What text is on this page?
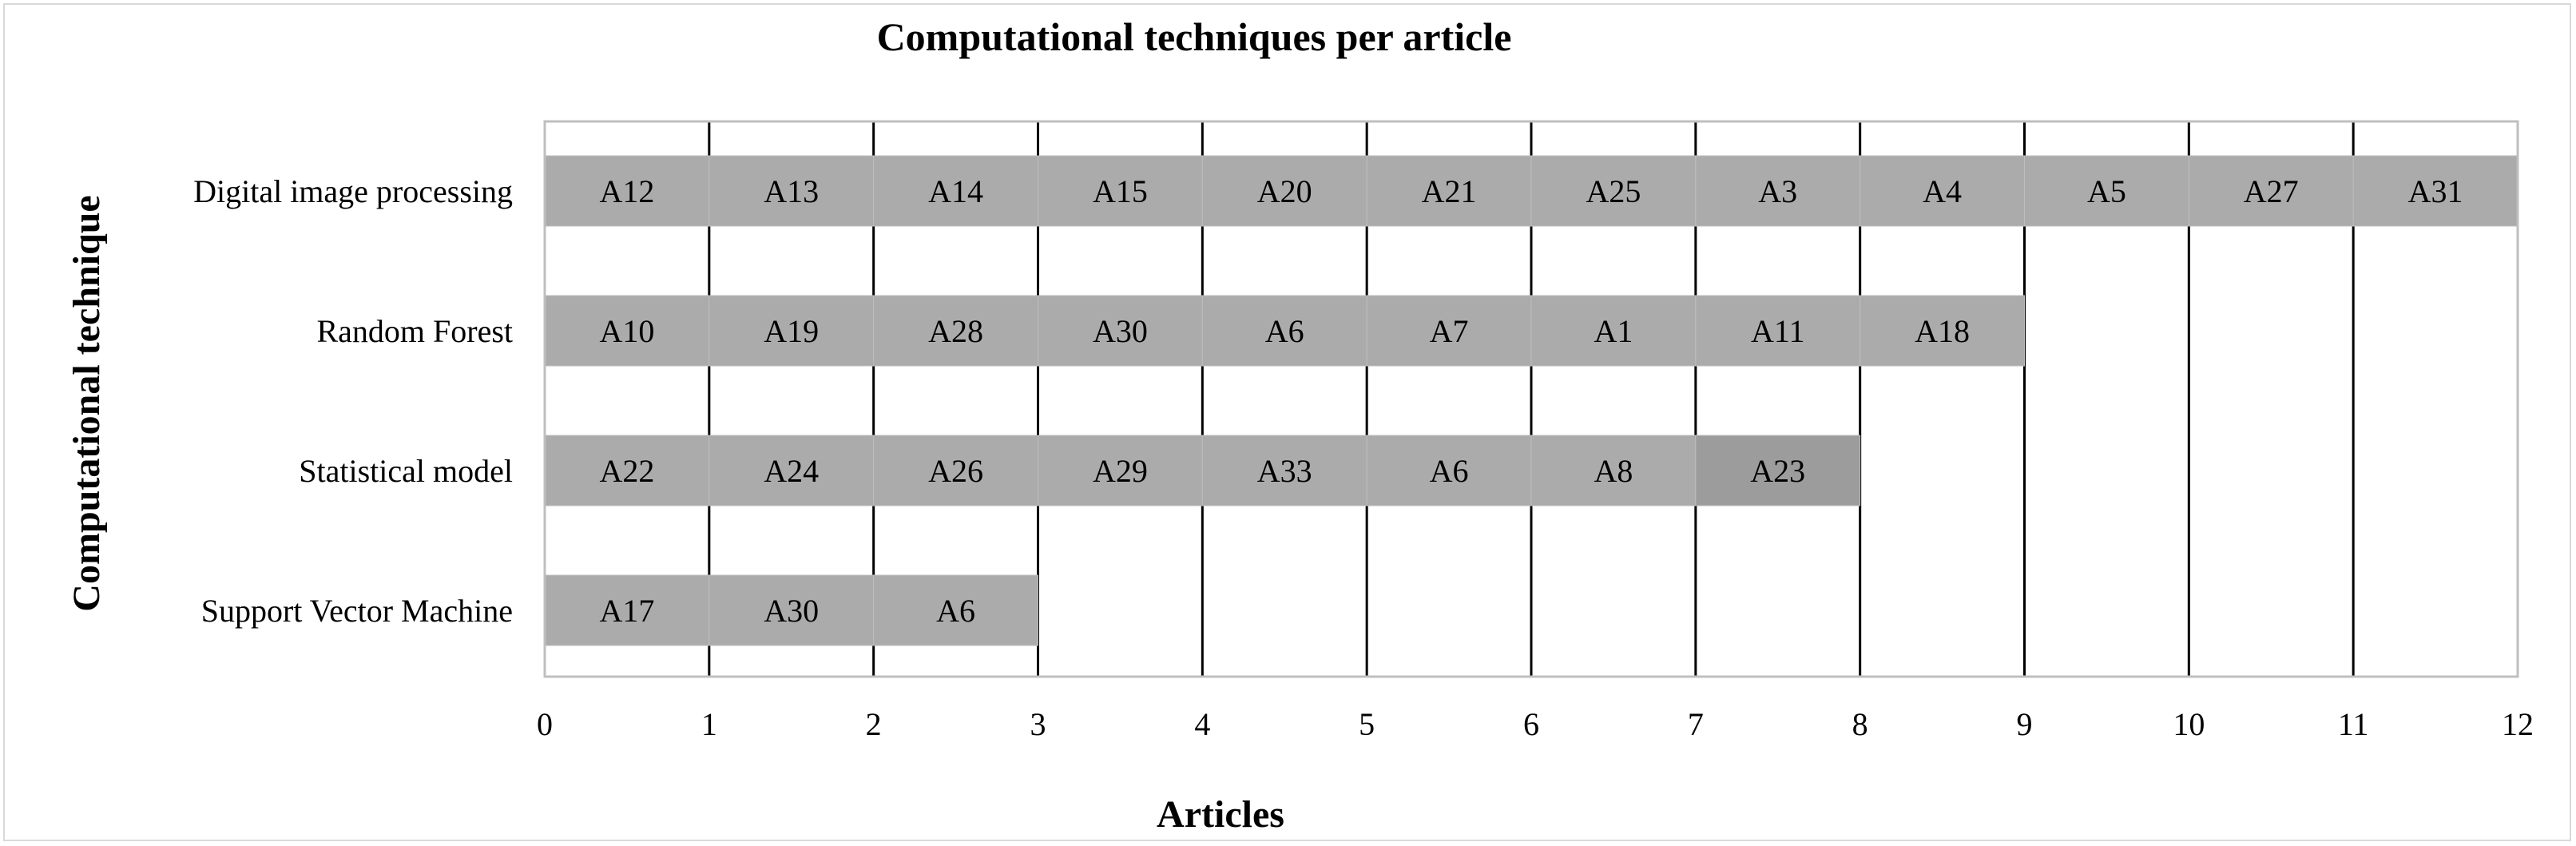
Computational techniques per article
Articles
Computational technique
0	1	2	3	4	5	6	7	8	9	10	11	12
Digital image processing	A12	A13	A14	A15	A20	A21	A25	A3	A4	A5	A27	A31
Random Forest	A10	A19	A28	A30	A6	A7	A1	A11	A18
Statistical model	A22	A24	A26	A29	A33	A6	A8	A23
Support Vector Machine	A17	A30	A6
